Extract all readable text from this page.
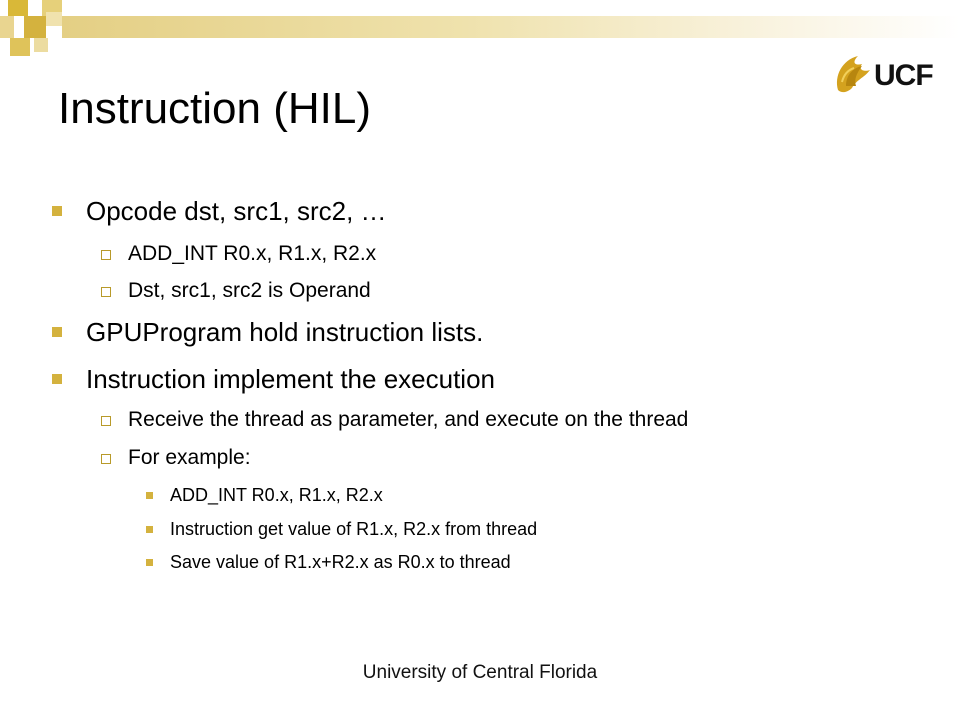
UCF
Instruction (HIL)
Opcode dst, src1, src2, …
ADD_INT R0.x, R1.x, R2.x
Dst, src1, src2 is Operand
GPUProgram hold instruction lists.
Instruction implement the execution
Receive the thread as parameter, and execute on the thread
For example:
ADD_INT R0.x, R1.x, R2.x
Instruction get value of R1.x, R2.x from thread
Save value of R1.x+R2.x as R0.x to thread
University of Central Florida
